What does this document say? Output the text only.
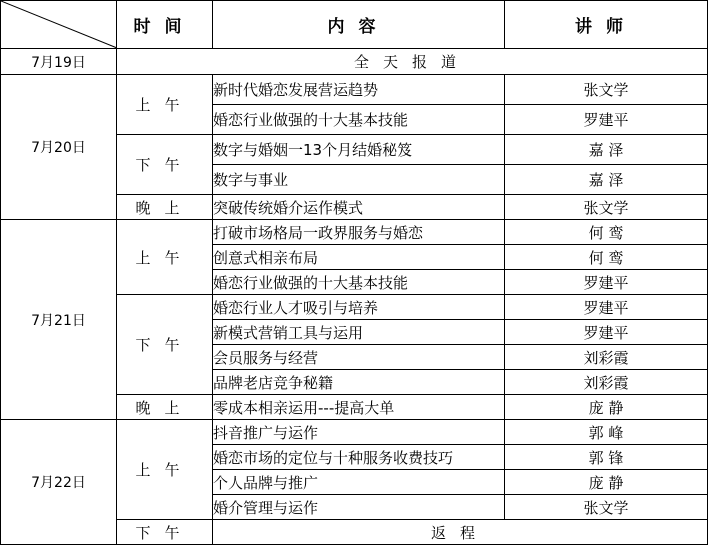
	时间	内容	讲师
7月19日	全天报道		
7月20日	上午	新时代婚恋发展营运趋势	张文学
		婚恋行业做强的十大基本技能	罗建平
	下午	数字与婚姻一13个月结婚秘笈	嘉 泽
		数字与事业	嘉 泽
	晚上	突破传统婚介运作模式	张文学
7月21日	上午	打破市场格局一政界服务与婚恋	何 鸾
		创意式相亲布局	何 鸾
		婚恋行业做强的十大基本技能	罗建平
	下午	婚恋行业人才吸引与培养	罗建平
		新模式营销工具与运用	罗建平
		会员服务与经营	刘彩霞
		品牌老店竞争秘籍	刘彩霞
	晚上	零成本相亲运用---提高大单	庞 静
7月22日	上午	抖音推广与运作	郭 峰
		婚恋市场的定位与十种服务收费技巧	郭 锋
		个人品牌与推广	庞 静
		婚介管理与运作	张文学
	下午	返程	
